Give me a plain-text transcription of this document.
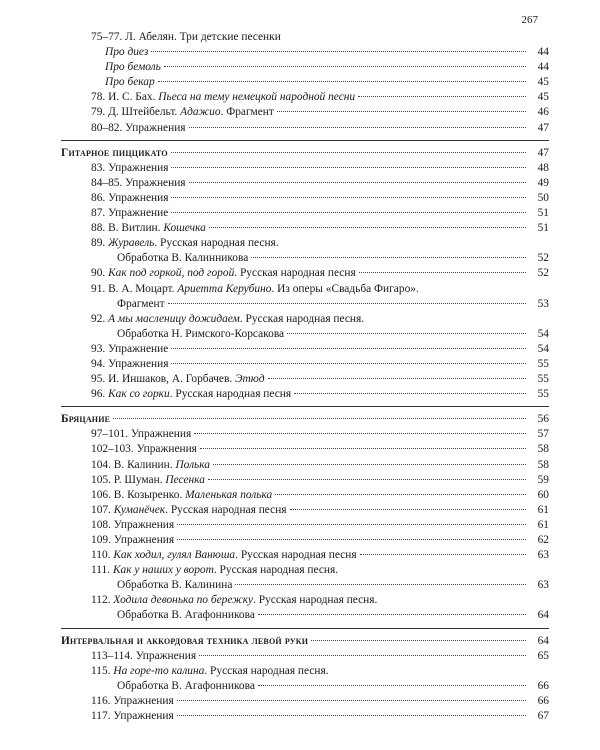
267
75–77. Л. Абелян. Три детские песенки
Про диез	44
Про бемоль	44
Про бекар	45
78. И. С. Бах. Пьеса на тему немецкой народной песни	45
79. Д. Штейбельт. Адажио. Фрагмент	46
80–82. Упражнения	47
Гитарное пиццикато	47
83. Упражнения	48
84–85. Упражнения	49
86. Упражнения	50
87. Упражнение	51
88. В. Витлин. Кошечка	51
89. Журавель. Русская народная песня.
Обработка В. Калинникова	52
90. Как под горкой, под горой. Русская народная песня	52
91. В. А. Моцарт. Ариетта Керубино. Из оперы «Свадьба Фигаро».
Фрагмент	53
92. А мы масленицу дожидаем. Русская народная песня.
Обработка Н. Римского-Корсакова	54
93. Упражнение	54
94. Упражнения	55
95. И. Иншаков, А. Горбачев. Этюд	55
96. Как со горки. Русская народная песня	55
Бряцание	56
97–101. Упражнения	57
102–103. Упражнения	58
104. В. Калинин. Полька	58
105. Р. Шуман. Песенка	59
106. В. Козыренко. Маленькая полька	60
107. Куманёчек. Русская народная песня	61
108. Упражнения	61
109. Упражнения	62
110. Как ходил, гулял Ванюша. Русская народная песня	63
111. Как у наших у ворот. Русская народная песня.
Обработка В. Калинина	63
112. Ходила девонька по бережку. Русская народная песня.
Обработка В. Агафонникова	64
Интервальная и аккордовая техника левой руки	64
113–114. Упражнения	65
115. На горе-то калина. Русская народная песня.
Обработка В. Агафонникова	66
116. Упражнения	66
117. Упражнения	67
